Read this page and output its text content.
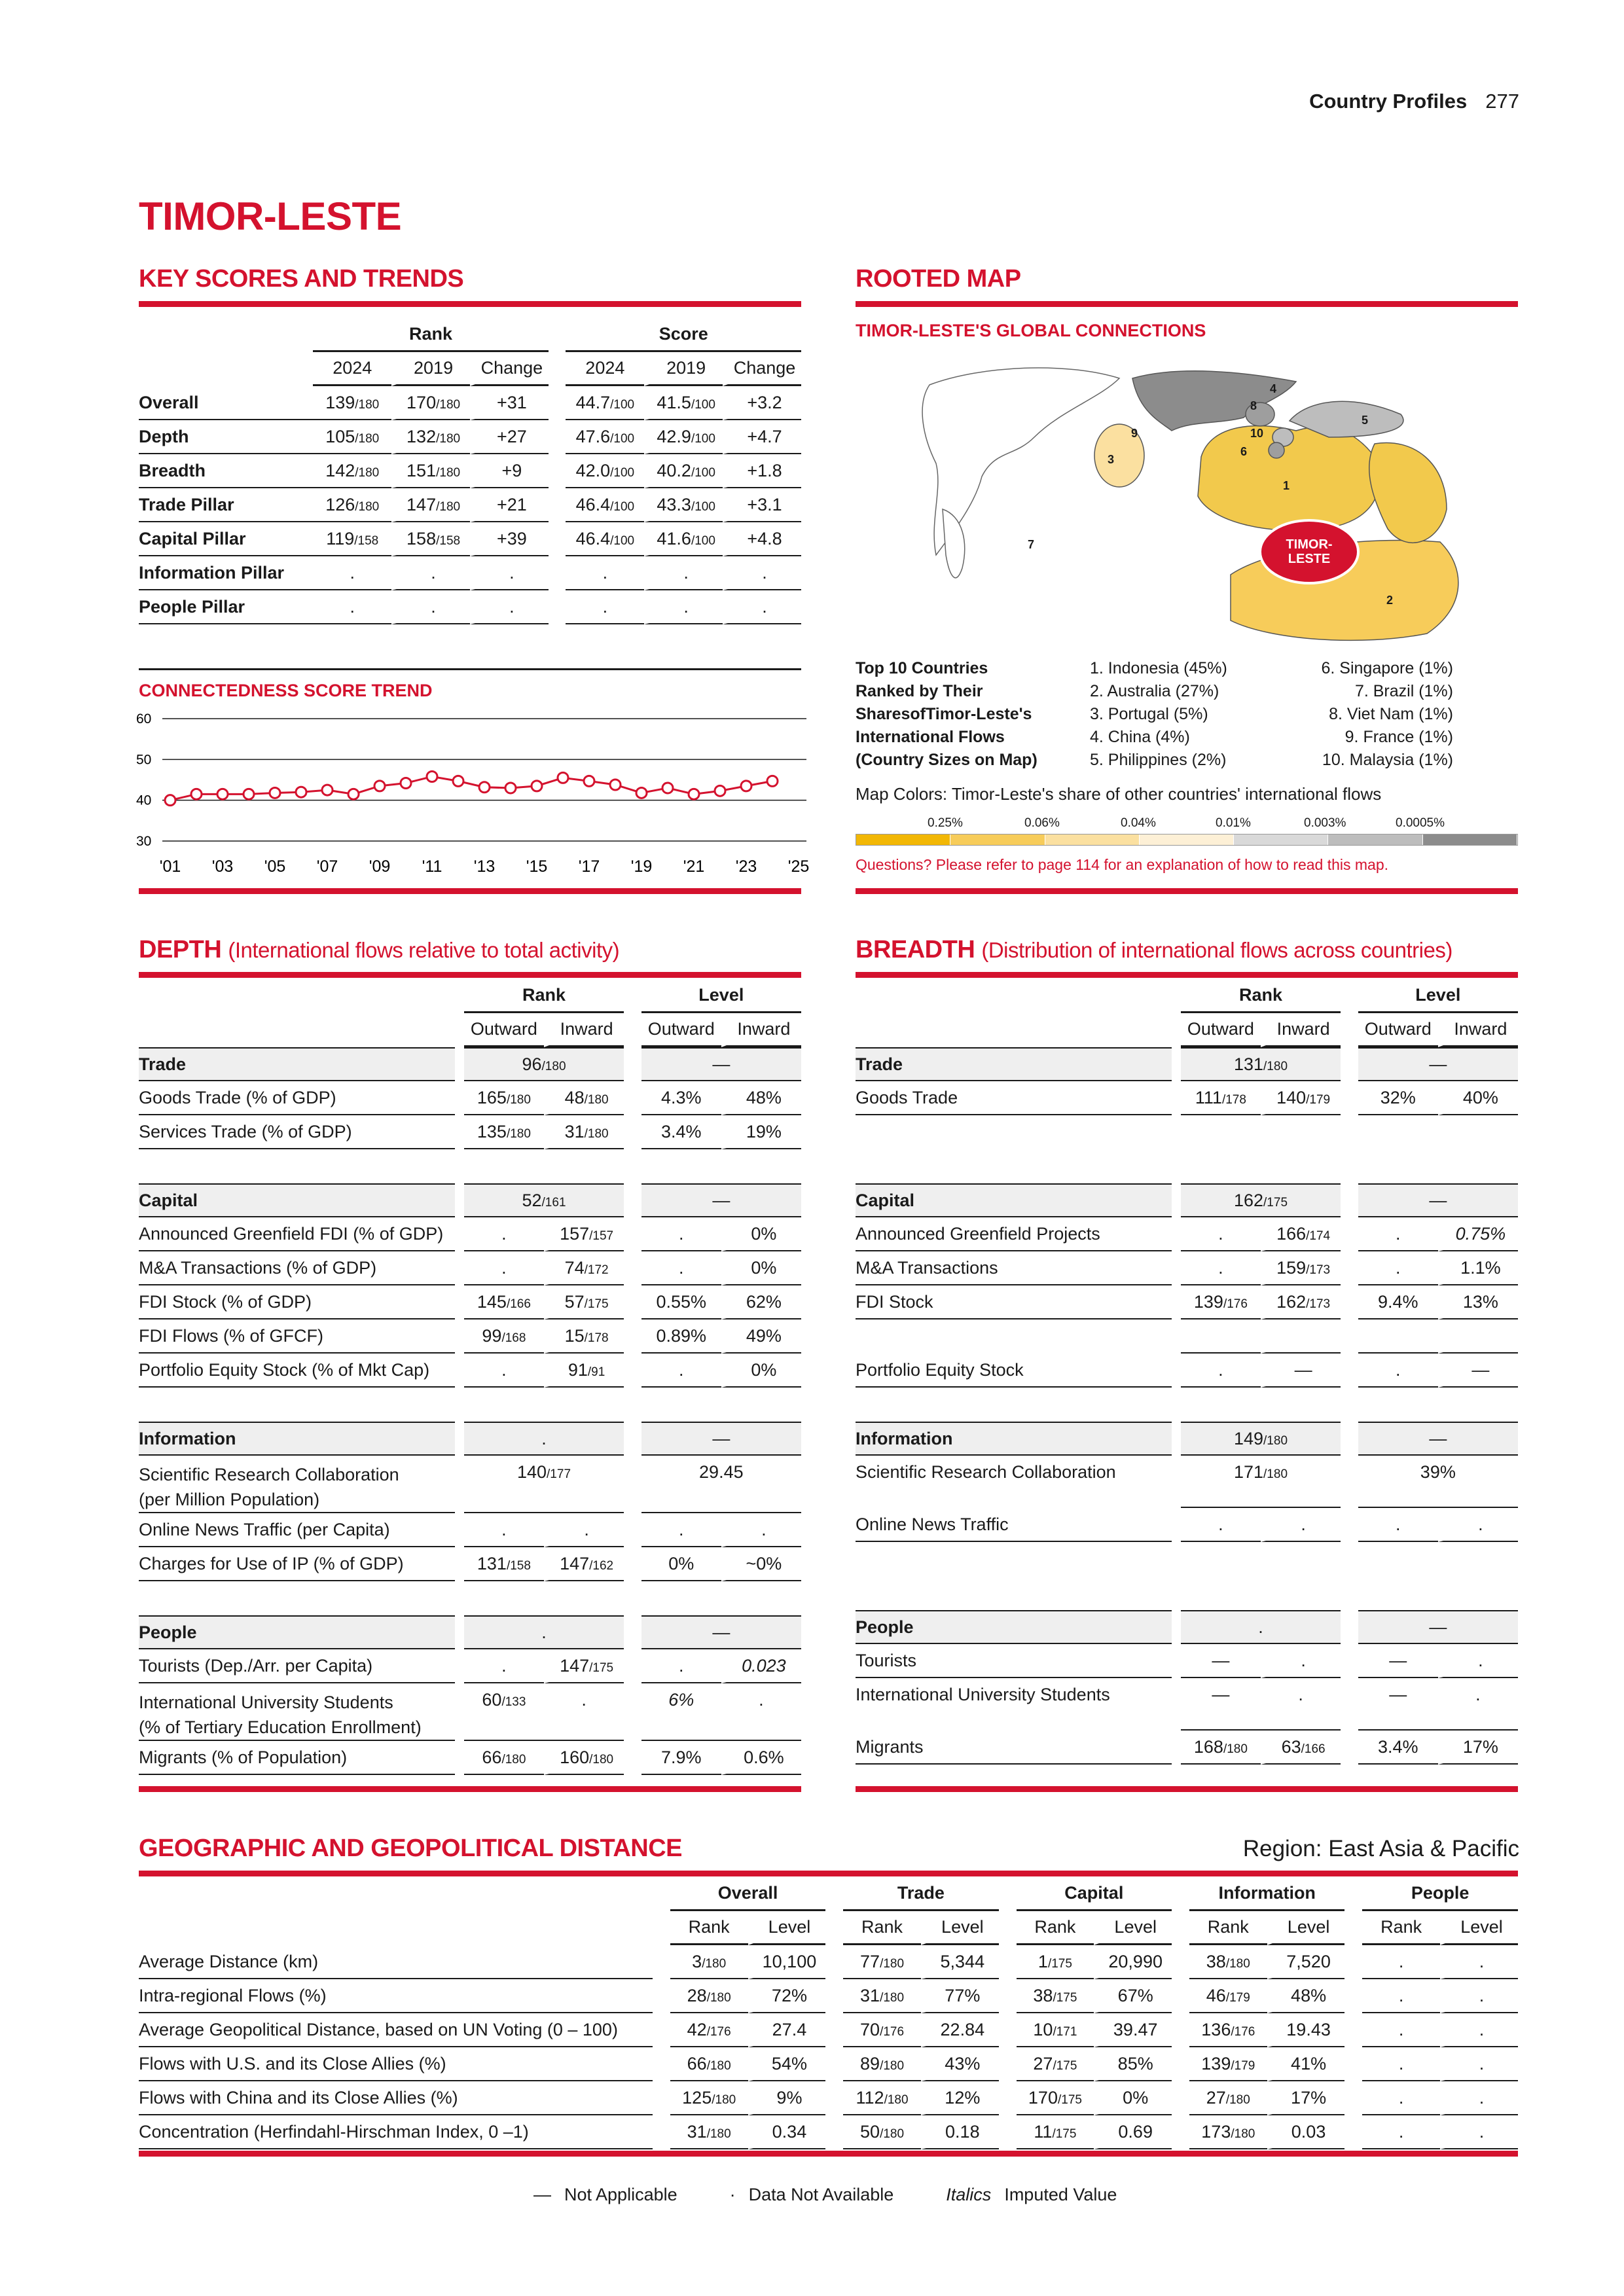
Country Profiles 277
TIMOR-LESTE
KEY SCORES AND TRENDS
	Rank				Score		
	2024	2019	Change		2024	2019	Change
Overall	139/180	170/180	+31		44.7/100	41.5/100	+3.2
Depth	105/180	132/180	+27		47.6/100	42.9/100	+4.7
Breadth	142/180	151/180	+9		42.0/100	40.2/100	+1.8
Trade Pillar	126/180	147/180	+21		46.4/100	43.3/100	+3.1
Capital Pillar	119/158	158/158	+39		46.4/100	41.6/100	+4.8
Information Pillar	.	.	.		.	.	.
People Pillar	.	.	.		.	.	.
CONNECTEDNESS SCORE TREND
60
50
40
30
'01 '03 '05 '07 '09 '11 '13 '15 '17 '19 '21 '23 '25
ROOTED MAP
TIMOR-LESTE'S GLOBAL CONNECTIONS
TIMOR-
LESTE
1
2
3
4
5
6
7
8
9	10
Top 10 Countries
Ranked by Their
SharesofTimor-Leste's
International Flows
(Country Sizes on Map)
1. Indonesia (45%)
2. Australia (27%)
3. Portugal (5%)
4. China (4%)
5. Philippines (2%)
6. Singapore (1%)
7. Brazil (1%)
8. Viet Nam (1%)
9. France (1%)
10. Malaysia (1%)
Map Colors: Timor-Leste's share of other countries' international flows
0.25%	0.06%	0.04%	0.01%	0.003%	0.0005%
Questions? Please refer to page 114 for an explanation of how to read this map.
DEPTH (International flows relative to total activity)
		Rank			Level	
		Outward	Inward		Outward	Inward
Trade		96/180			—	
Goods Trade (% of GDP)		165/180	48/180		4.3%	48%
Services Trade (% of GDP)		135/180	31/180		3.4%	19%

Capital		52/161			—	
Announced Greenfield FDI (% of GDP)		.	157/157		.	0%
M&A Transactions (% of GDP)		.	74/172		.	0%
FDI Stock (% of GDP)		145/166	57/175		0.55%	62%
FDI Flows (% of GFCF)		99/168	15/178		0.89%	49%
Portfolio Equity Stock (% of Mkt Cap)		.	91/91		.	0%

Information		.			—	
Scientific Research Collaboration
(per Million Population)		140/177			29.45	
Online News Traffic (per Capita)		.	.		.	.
Charges for Use of IP (% of GDP)		131/158	147/162		0%	~0%

People		.			—	
Tourists (Dep./Arr. per Capita)		.	147/175		.	0.023
International University Students
(% of Tertiary Education Enrollment)		60/133	.		6%	.
Migrants (% of Population)		66/180	160/180		7.9%	0.6%
BREADTH (Distribution of international flows across countries)
		Rank			Level	
		Outward	Inward		Outward	Inward
Trade		131/180			—	
Goods Trade		111/178	140/179		32%	40%

Capital		162/175			—	
Announced Greenfield Projects		.	166/174		.	0.75%
M&A Transactions		.	159/173		.	1.1%
FDI Stock		139/176	162/173		9.4%	13%

Portfolio Equity Stock		.	—		.	—

Information		149/180			—	
Scientific Research Collaboration		171/180			39%	
Online News Traffic		.	.		.	.

People		.			—	
Tourists		—	.		—	.
International University Students		—	.		—	.
Migrants		168/180	63/166		3.4%	17%
GEOGRAPHIC AND GEOPOLITICAL DISTANCE	Region: East Asia & Pacific
		Overall			Trade			Capital			Information			People	
		Rank	Level		Rank	Level		Rank	Level		Rank	Level		Rank	Level
Average Distance (km)		3/180	10,100		77/180	5,344		1/175	20,990		38/180	7,520		.	.
Intra-regional Flows (%)		28/180	72%		31/180	77%		38/175	67%		46/179	48%		.	.
Average Geopolitical Distance, based on UN Voting (0 – 100)		42/176	27.4		70/176	22.84		10/171	39.47		136/176	19.43		.	.
Flows with U.S. and its Close Allies (%)		66/180	54%		89/180	43%		27/175	85%		139/179	41%		.	.
Flows with China and its Close Allies (%)		125/180	9%		112/180	12%		170/175	0%		27/180	17%		.	.
Concentration (Herfindahl-Hirschman Index, 0 –1)		31/180	0.34		50/180	0.18		11/175	0.69		173/180	0.03		.	.
— Not Applicable	· Data Not Available	Italics Imputed Value
